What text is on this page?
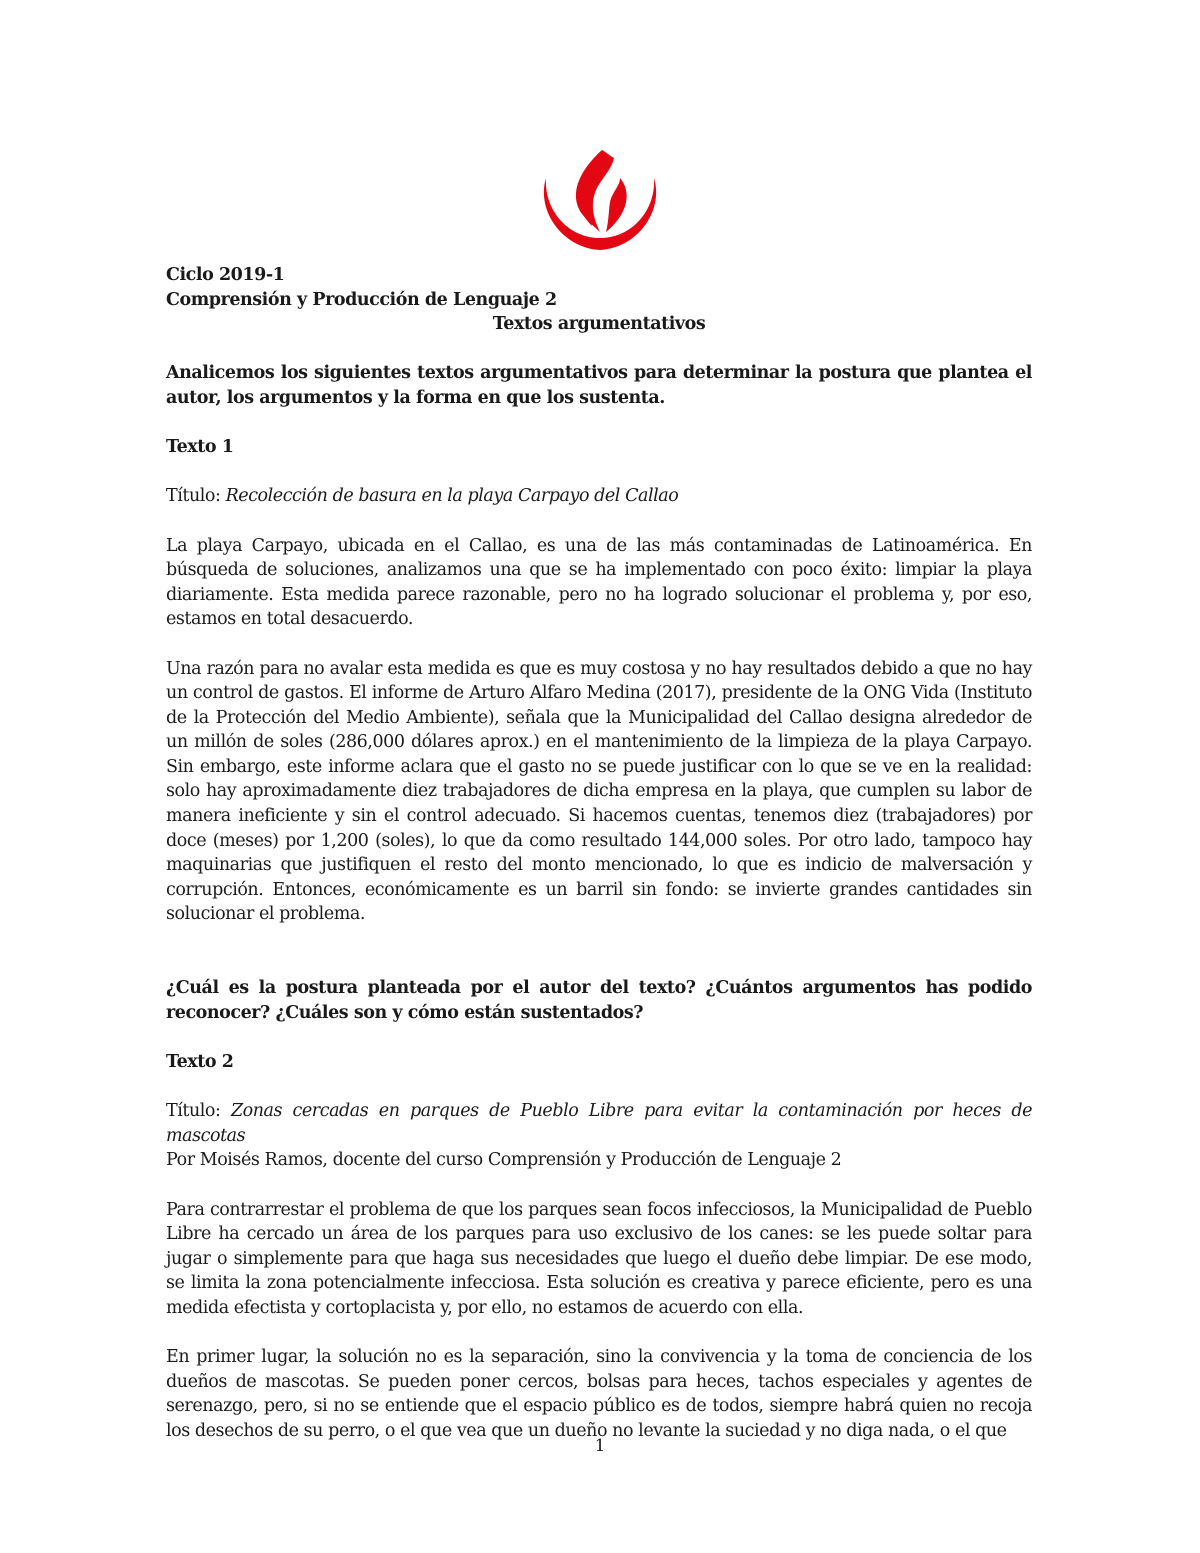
Ciclo 2019-1

Comprensión y Producción de Lenguaje 2

Textos argumentativos

Analicemos los siguientes textos argumentativos para determinar la postura que plantea el autor, los argumentos y la forma en que los sustenta.

Texto 1

Título: Recolección de basura en la playa Carpayo del Callao

La playa Carpayo, ubicada en el Callao, es una de las más contaminadas de Latinoamérica. En búsqueda de soluciones, analizamos una que se ha implementado con poco éxito: limpiar la playa diariamente. Esta medida parece razonable, pero no ha logrado solucionar el problema y, por eso, estamos en total desacuerdo.

Una razón para no avalar esta medida es que es muy costosa y no hay resultados debido a que no hay un control de gastos. El informe de Arturo Alfaro Medina (2017), presidente de la ONG Vida (Instituto de la Protección del Medio Ambiente), señala que la Municipalidad del Callao designa alrededor de un millón de soles (286,000 dólares aprox.) en el mantenimiento de la limpieza de la playa Carpayo. Sin embargo, este informe aclara que el gasto no se puede justificar con lo que se ve en la realidad: solo hay aproximadamente diez trabajadores de dicha empresa en la playa, que cumplen su labor de manera ineficiente y sin el control adecuado. Si hacemos cuentas, tenemos diez (trabajadores) por doce (meses) por 1,200 (soles), lo que da como resultado 144,000 soles. Por otro lado, tampoco hay maquinarias que justifiquen el resto del monto mencionado, lo que es indicio de malversación y corrupción. Entonces, económicamente es un barril sin fondo: se invierte grandes cantidades sin solucionar el problema.

¿Cuál es la postura planteada por el autor del texto? ¿Cuántos argumentos has podido reconocer? ¿Cuáles son y cómo están sustentados?

Texto 2

Título: Zonas cercadas en parques de Pueblo Libre para evitar la contaminación por heces de mascotas

Por Moisés Ramos, docente del curso Comprensión y Producción de Lenguaje 2

Para contrarrestar el problema de que los parques sean focos infecciosos, la Municipalidad de Pueblo Libre ha cercado un área de los parques para uso exclusivo de los canes: se les puede soltar para jugar o simplemente para que haga sus necesidades que luego el dueño debe limpiar. De ese modo, se limita la zona potencialmente infecciosa. Esta solución es creativa y parece eficiente, pero es una medida efectista y cortoplacista y, por ello, no estamos de acuerdo con ella.

En primer lugar, la solución no es la separación, sino la convivencia y la toma de conciencia de los dueños de mascotas. Se pueden poner cercos, bolsas para heces, tachos especiales y agentes de serenazgo, pero, si no se entiende que el espacio público es de todos, siempre habrá quien no recoja los desechos de su perro, o el que vea que un dueño no levante la suciedad y no diga nada, o el que

1
